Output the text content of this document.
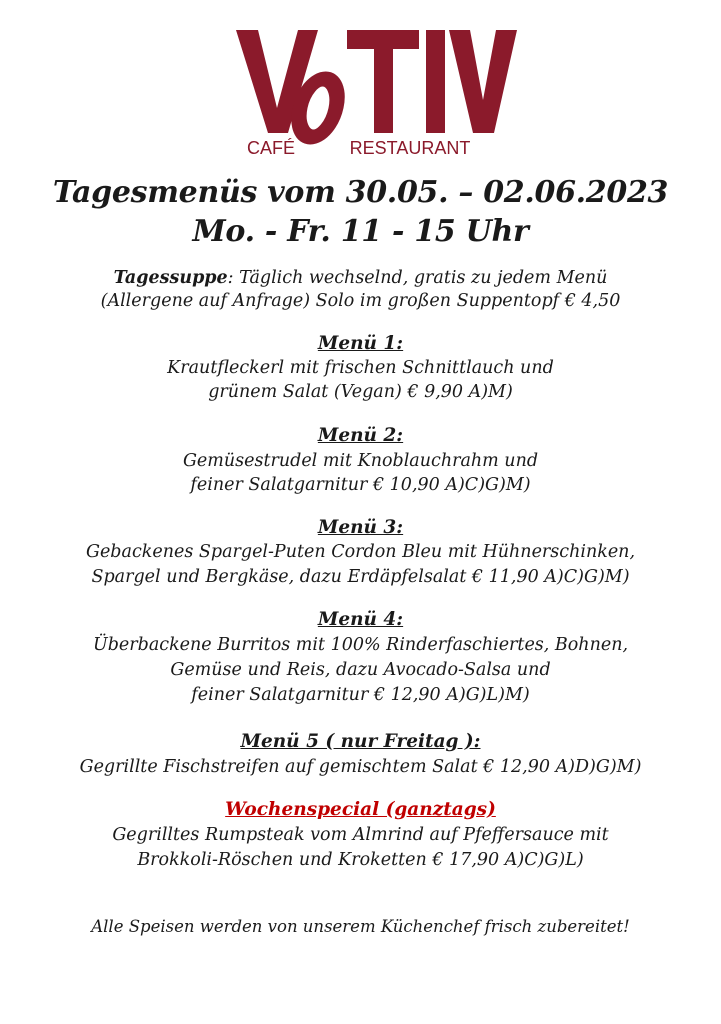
CAFÉ	RESTAURANT
Tagesmenüs vom 30.05. – 02.06.2023
Mo. - Fr. 11 - 15 Uhr
Tagessuppe: Täglich wechselnd, gratis zu jedem Menü
(Allergene auf Anfrage) Solo im großen Suppentopf € 4,50
Menü 1:
Krautfleckerl mit frischen Schnittlauch und
grünem Salat (Vegan) € 9,90 A)M)
Menü 2:
Gemüsestrudel mit Knoblauchrahm und
feiner Salatgarnitur € 10,90 A)C)G)M)
Menü 3:
Gebackenes Spargel-Puten Cordon Bleu mit Hühnerschinken,
Spargel und Bergkäse, dazu Erdäpfelsalat € 11,90 A)C)G)M)
Menü 4:
Überbackene Burritos mit 100% Rinderfaschiertes, Bohnen,
Gemüse und Reis, dazu Avocado-Salsa und
feiner Salatgarnitur € 12,90 A)G)L)M)
Menü 5 ( nur Freitag ):
Gegrillte Fischstreifen auf gemischtem Salat € 12,90 A)D)G)M)
Wochenspecial (ganztags)
Gegrilltes Rumpsteak vom Almrind auf Pfeffersauce mit
Brokkoli-Röschen und Kroketten € 17,90 A)C)G)L)
Alle Speisen werden von unserem Küchenchef frisch zubereitet!
